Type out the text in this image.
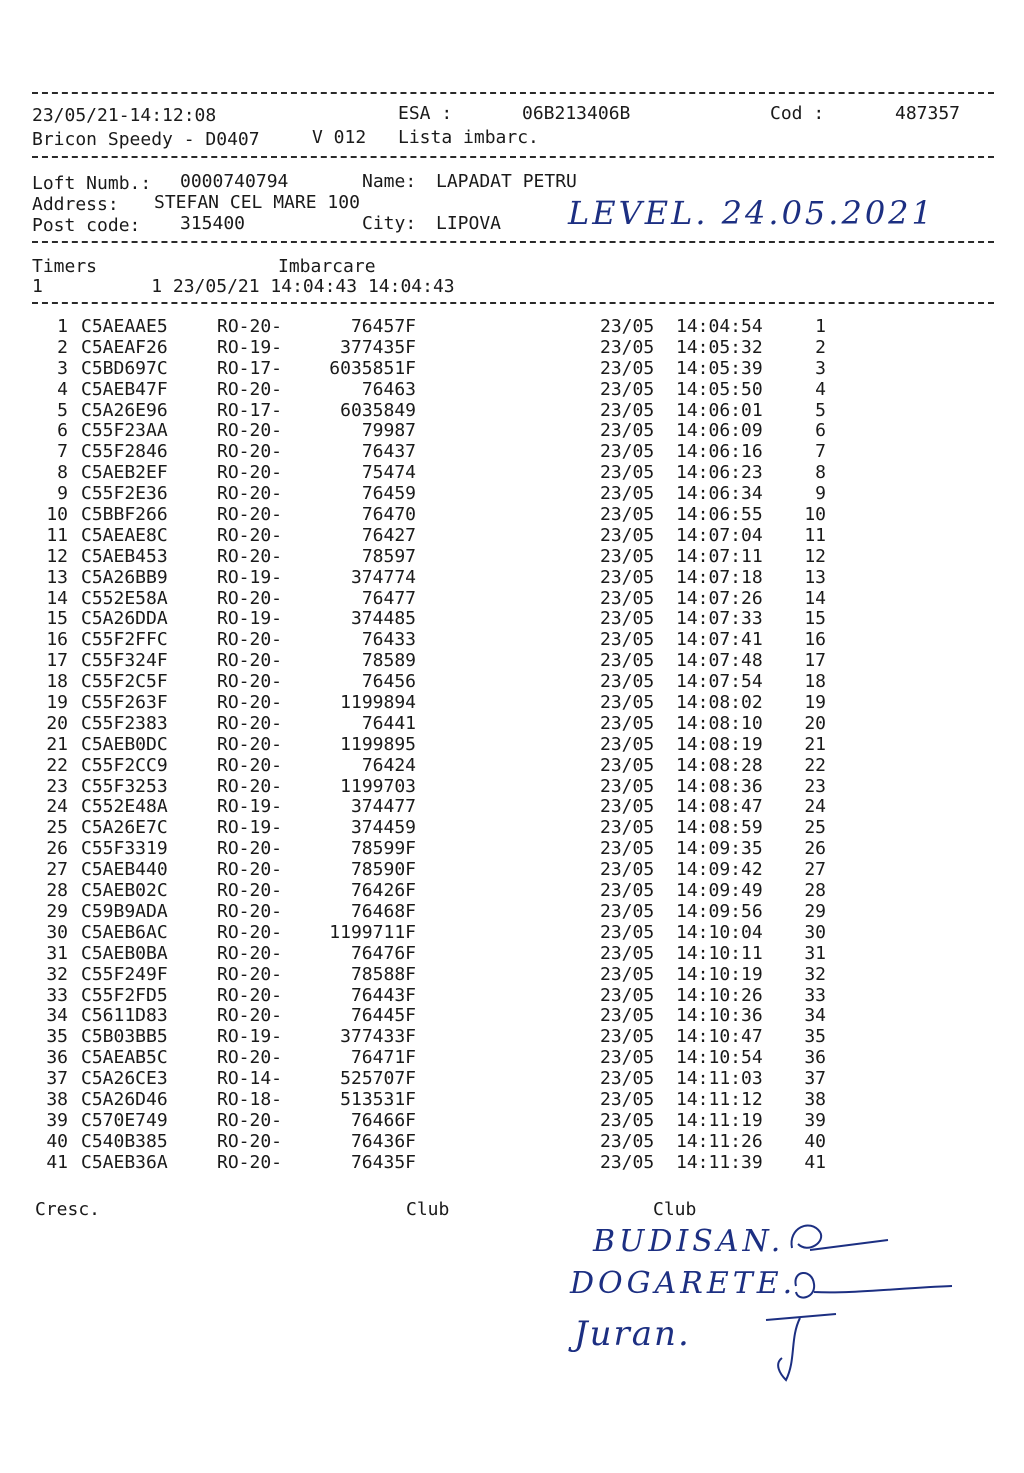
23/05/21-14:12:08	ESA :	06B213406B	Cod :	487357
Bricon Speedy - D0407	V 012 Lista imbarc.
Loft Numb.: 0000740794	Name: LAPADAT PETRU
Address: STEFAN CEL MARE 100
Post code: 315400	City: LIPOVA LEVEL. 24.05.2021
Timers	Imbarcare
1          1 23/05/21 14:04:43 14:04:43
1 C5AEAAE5	RO-20-	76457F	23/05 14:04:54	1
2 C5AEAF26	RO-19-	377435F	23/05 14:05:32	2
3 C5BD697C	RO-17-	6035851F	23/05 14:05:39	3
4 C5AEB47F	RO-20-	76463	23/05 14:05:50	4
5 C5A26E96	RO-17-	6035849	23/05 14:06:01	5
6 C55F23AA	RO-20-	79987	23/05 14:06:09	6
7 C55F2846	RO-20-	76437	23/05 14:06:16	7
8 C5AEB2EF	RO-20-	75474	23/05 14:06:23	8
9 C55F2E36	RO-20-	76459	23/05 14:06:34	9
10 C5BBF266	RO-20-	76470	23/05 14:06:55	10
11 C5AEAE8C	RO-20-	76427	23/05 14:07:04	11
12 C5AEB453	RO-20-	78597	23/05 14:07:11	12
13 C5A26BB9	RO-19-	374774	23/05 14:07:18	13
14 C552E58A	RO-20-	76477	23/05 14:07:26	14
15 C5A26DDA	RO-19-	374485	23/05 14:07:33	15
16 C55F2FFC	RO-20-	76433	23/05 14:07:41	16
17 C55F324F	RO-20-	78589	23/05 14:07:48	17
18 C55F2C5F	RO-20-	76456	23/05 14:07:54	18
19 C55F263F	RO-20-	1199894	23/05 14:08:02	19
20 C55F2383	RO-20-	76441	23/05 14:08:10	20
21 C5AEB0DC	RO-20-	1199895	23/05 14:08:19	21
22 C55F2CC9	RO-20-	76424	23/05 14:08:28	22
23 C55F3253	RO-20-	1199703	23/05 14:08:36	23
24 C552E48A	RO-19-	374477	23/05 14:08:47	24
25 C5A26E7C	RO-19-	374459	23/05 14:08:59	25
26 C55F3319	RO-20-	78599F	23/05 14:09:35	26
27 C5AEB440	RO-20-	78590F	23/05 14:09:42	27
28 C5AEB02C	RO-20-	76426F	23/05 14:09:49	28
29 C59B9ADA	RO-20-	76468F	23/05 14:09:56	29
30 C5AEB6AC	RO-20-	1199711F	23/05 14:10:04	30
31 C5AEB0BA	RO-20-	76476F	23/05 14:10:11	31
32 C55F249F	RO-20-	78588F	23/05 14:10:19	32
33 C55F2FD5	RO-20-	76443F	23/05 14:10:26	33
34 C5611D83	RO-20-	76445F	23/05 14:10:36	34
35 C5B03BB5	RO-19-	377433F	23/05 14:10:47	35
36 C5AEAB5C	RO-20-	76471F	23/05 14:10:54	36
37 C5A26CE3	RO-14-	525707F	23/05 14:11:03	37
38 C5A26D46	RO-18-	513531F	23/05 14:11:12	38
39 C570E749	RO-20-	76466F	23/05 14:11:19	39
40 C540B385	RO-20-	76436F	23/05 14:11:26	40
41 C5AEB36A	RO-20-	76435F	23/05 14:11:39	41
Cresc.	Club	Club
BUDISAN.
DOGARETE.
Juran.
